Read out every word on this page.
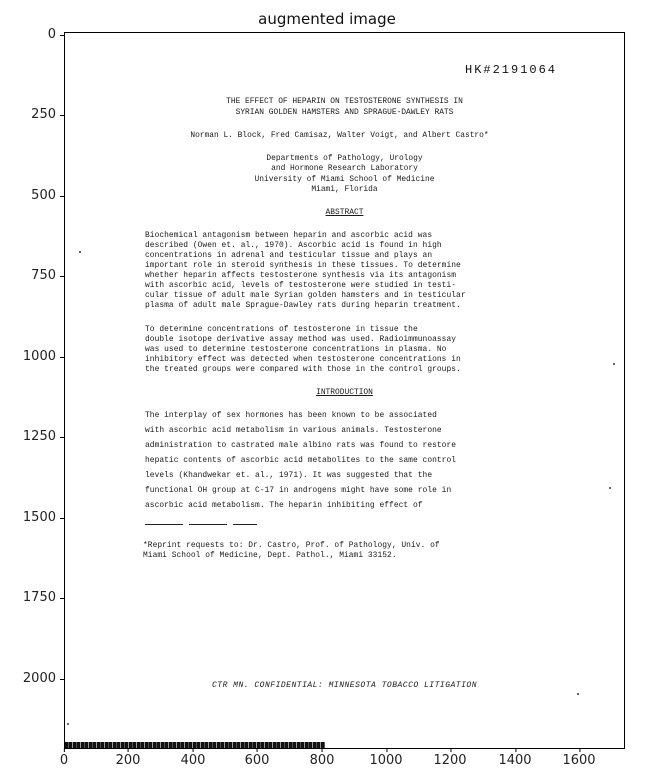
augmented image
0
250
500
750
1000
1250
1500
1750
2000
0	200	400	600	800	1000 1200 1400 1600
HK#2191064
THE EFFECT OF HEPARIN ON TESTOSTERONE SYNTHESIS IN
SYRIAN GOLDEN HAMSTERS AND SPRAGUE-DAWLEY RATS
Norman L. Block, Fred Camisaz, Walter Voigt, and Albert Castro*
Departments of Pathology, Urology
and Hormone Research Laboratory
University of Miami School of Medicine
Miami, Florida
ABSTRACT
Biochemical antagonism between heparin and ascorbic acid was
described (Owen et. al., 1970). Ascorbic acid is found in high
concentrations in adrenal and testicular tissue and plays an
important role in steroid synthesis in these tissues. To determine
whether heparin affects testosterone synthesis via its antagonism
with ascorbic acid, levels of testosterone were studied in testi-
cular tissue of adult male Syrian golden hamsters and in testicular
plasma of adult male Sprague-Dawley rats during heparin treatment.
To determine concentrations of testosterone in tissue the
double isotope derivative assay method was used. Radioimmunoassay
was used to determine testosterone concentrations in plasma. No
inhibitory effect was detected when testosterone concentrations in
the treated groups were compared with those in the control groups.
INTRODUCTION
The interplay of sex hormones has been known to be associated
with ascorbic acid metabolism in various animals. Testosterone
administration to castrated male albino rats was found to restore
hepatic contents of ascorbic acid metabolites to the same control
levels (Khandwekar et. al., 1971). It was suggested that the
functional OH group at C-17 in androgens might have some role in
ascorbic acid metabolism. The heparin inhibiting effect of
*Reprint requests to: Dr. Castro, Prof. of Pathology, Univ. of
Miami School of Medicine, Dept. Pathol., Miami 33152.
CTR MN. CONFIDENTIAL: MINNESOTA TOBACCO LITIGATION
